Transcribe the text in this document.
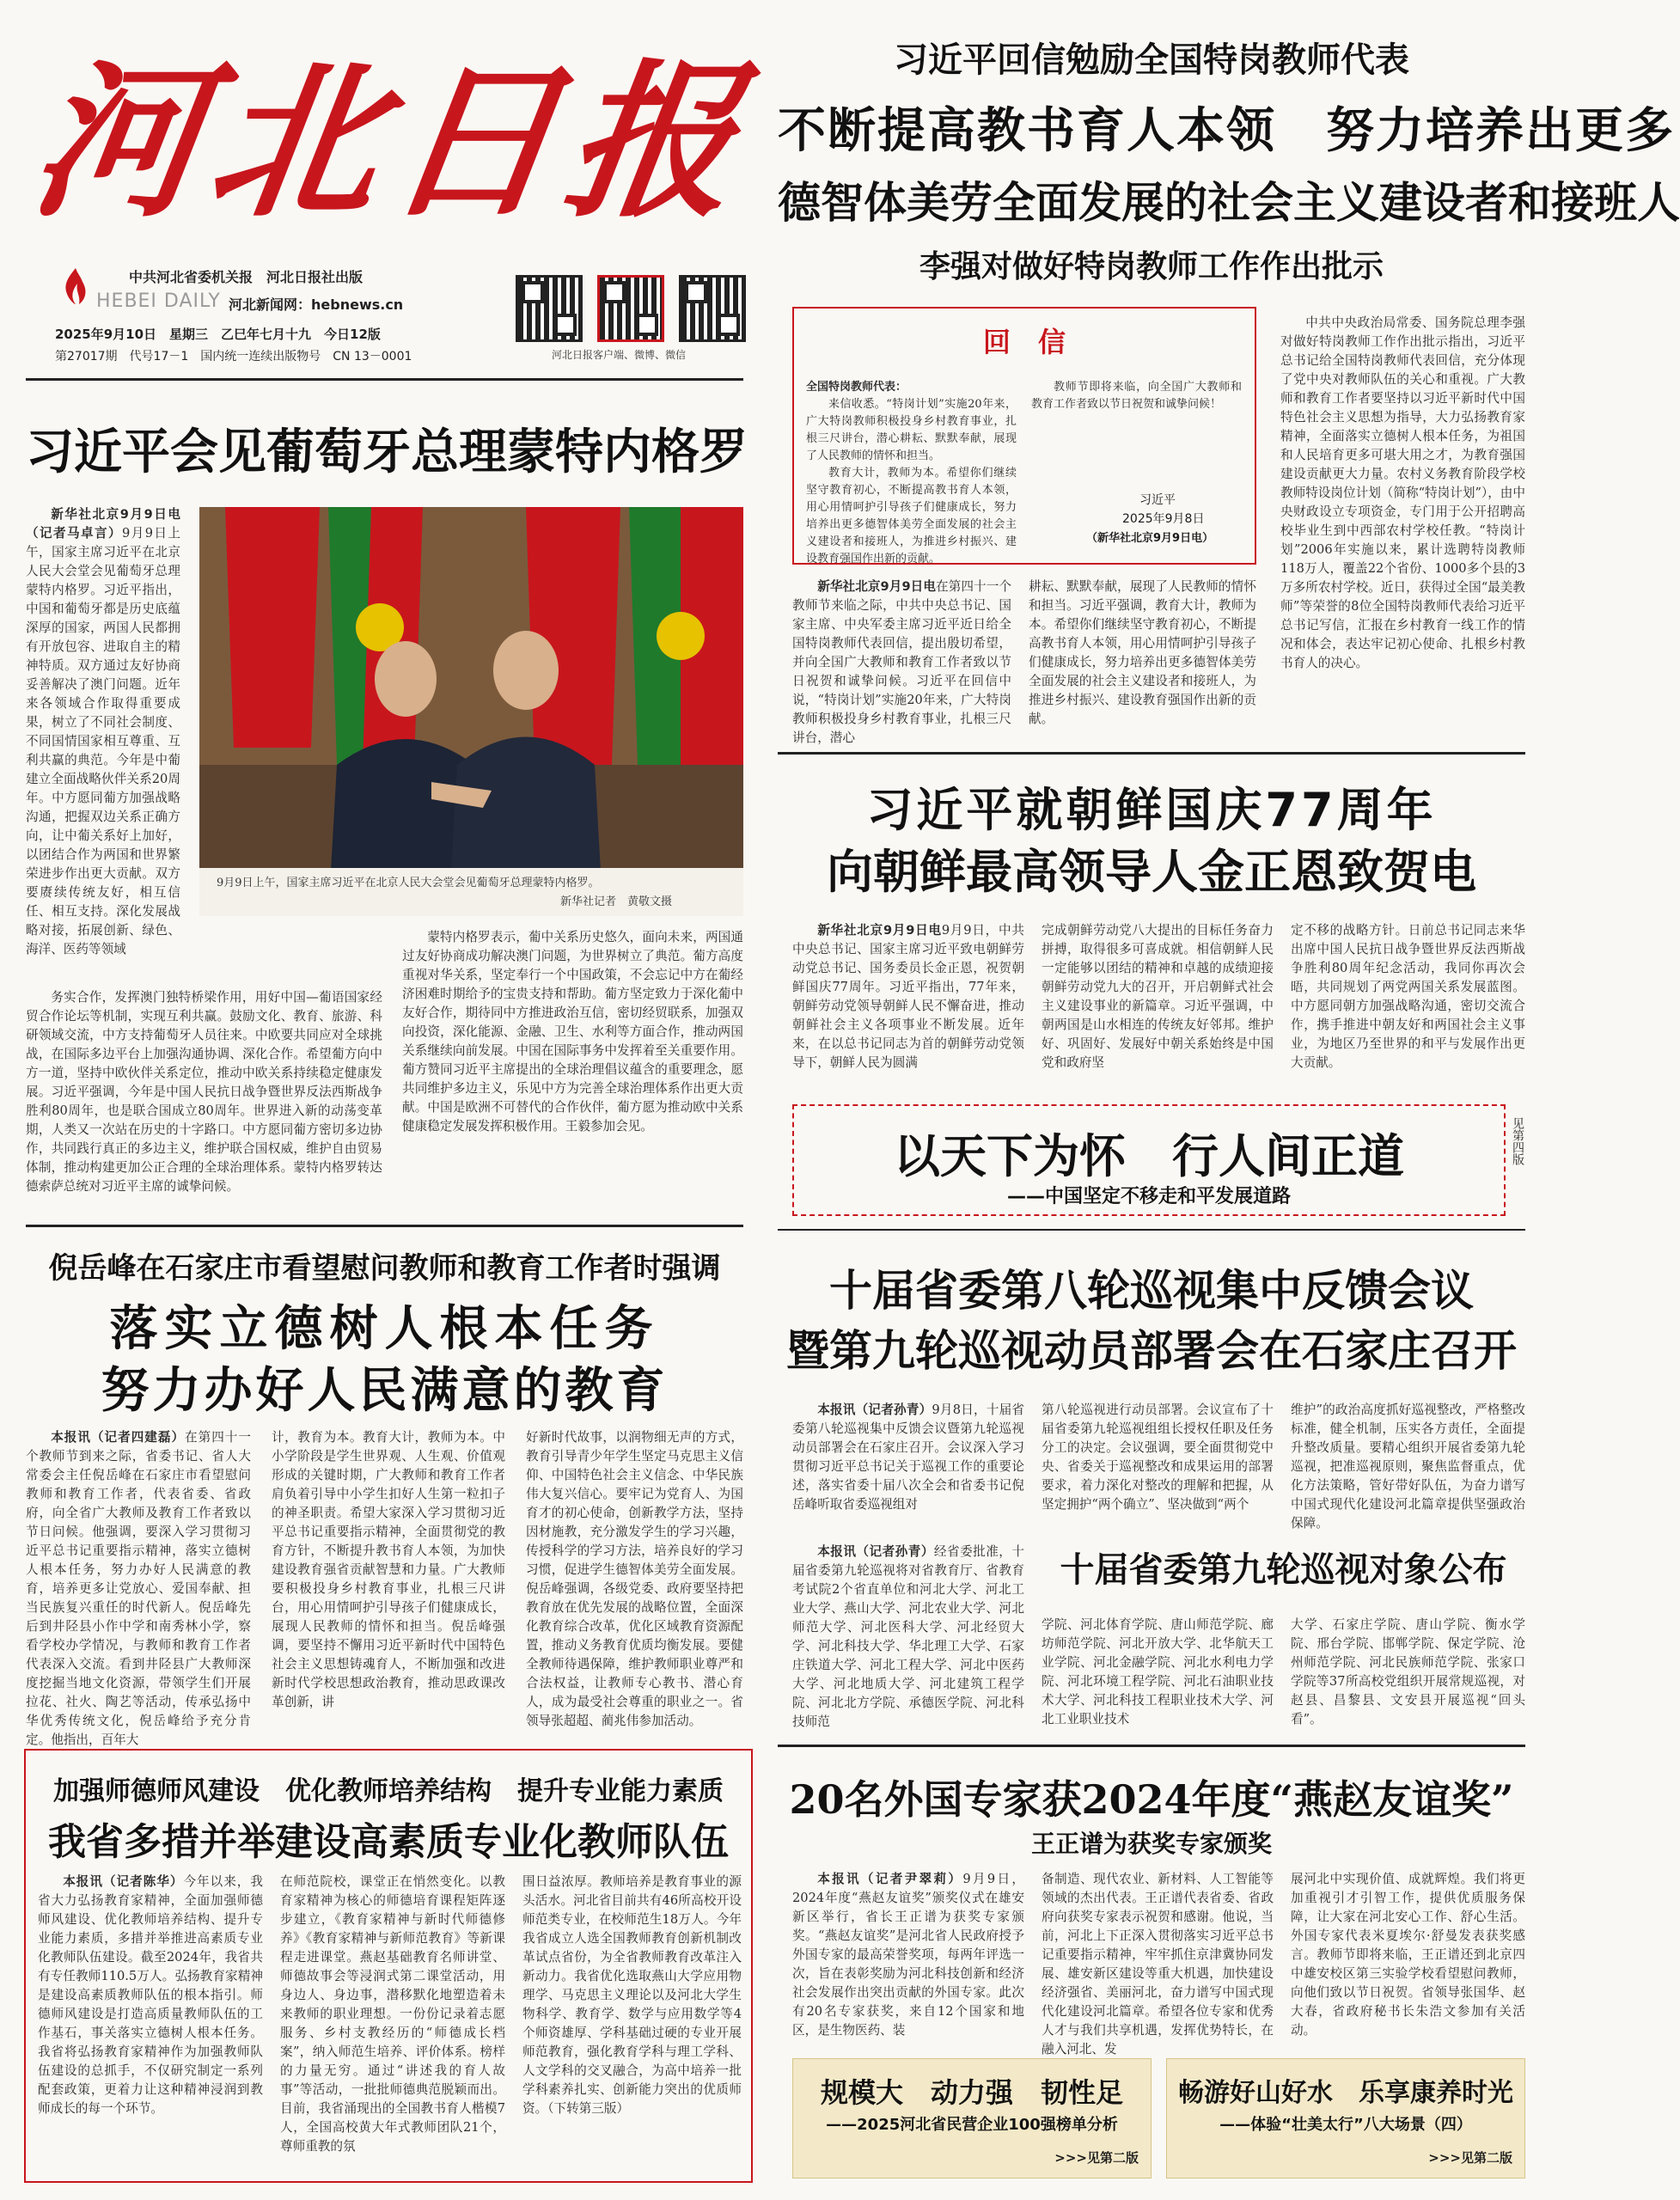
河北日报
中共河北省委机关报　河北日报社出版
HEBEI DAILY 河北新闻网：hebnews.cn
2025年9月10日　星期三　乙巳年七月十九　今日12版
第27017期　代号17－1　国内统一连续出版物号　CN 13－0001	河北日报客户端、微博、微信
习近平回信勉励全国特岗教师代表
不断提高教书育人本领　努力培养出更多
德智体美劳全面发展的社会主义建设者和接班人
李强对做好特岗教师工作作出批示
回　信

全国特岗教师代表：

来信收悉。“特岗计划”实施20年来，广大特岗教师积极投身乡村教育事业，扎根三尺讲台，潜心耕耘、默默奉献，展现了人民教师的情怀和担当。

教育大计，教师为本。希望你们继续坚守教育初心，不断提高教书育人本领，用心用情呵护引导孩子们健康成长，努力培养出更多德智体美劳全面发展的社会主义建设者和接班人，为推进乡村振兴、建设教育强国作出新的贡献。

教师节即将来临，向全国广大教师和教育工作者致以节日祝贺和诚挚问候！

习近平
2025年9月8日
（新华社北京9月9日电）

新华社北京9月9日电在第四十一个教师节来临之际，中共中央总书记、国家主席、中央军委主席习近平近日给全国特岗教师代表回信，提出殷切希望，并向全国广大教师和教育工作者致以节日祝贺和诚挚问候。习近平在回信中说，“特岗计划”实施20年来，广大特岗教师积极投身乡村教育事业，扎根三尺讲台，潜心

耕耘、默默奉献，展现了人民教师的情怀和担当。习近平强调，教育大计，教师为本。希望你们继续坚守教育初心，不断提高教书育人本领，用心用情呵护引导孩子们健康成长，努力培养出更多德智体美劳全面发展的社会主义建设者和接班人，为推进乡村振兴、建设教育强国作出新的贡献。

中共中央政治局常委、国务院总理李强对做好特岗教师工作作出批示指出，习近平总书记给全国特岗教师代表回信，充分体现了党中央对教师队伍的关心和重视。广大教师和教育工作者要坚持以习近平新时代中国特色社会主义思想为指导，大力弘扬教育家精神，全面落实立德树人根本任务，为祖国和人民培育更多可堪大用之才，为教育强国建设贡献更大力量。农村义务教育阶段学校教师特设岗位计划（简称“特岗计划”），由中央财政设立专项资金，专门用于公开招聘高校毕业生到中西部农村学校任教。“特岗计划”2006年实施以来，累计选聘特岗教师118万人，覆盖22个省份、1000多个县的3万多所农村学校。近日，获得过全国“最美教师”等荣誉的8位全国特岗教师代表给习近平总书记写信，汇报在乡村教育一线工作的情况和体会，表达牢记初心使命、扎根乡村教书育人的决心。

习近平会见葡萄牙总理蒙特内格罗

新华社北京9月9日电（记者马卓言）9月9日上午，国家主席习近平在北京人民大会堂会见葡萄牙总理蒙特内格罗。习近平指出，中国和葡萄牙都是历史底蕴深厚的国家，两国人民都拥有开放包容、进取自主的精神特质。双方通过友好协商妥善解决了澳门问题。近年来各领域合作取得重要成果，树立了不同社会制度、不同国情国家相互尊重、互利共赢的典范。今年是中葡建立全面战略伙伴关系20周年。中方愿同葡方加强战略沟通，把握双边关系正确方向，让中葡关系好上加好，以团结合作为两国和世界繁荣进步作出更大贡献。双方要赓续传统友好，相互信任、相互支持。深化发展战略对接，拓展创新、绿色、海洋、医药等领域

9月9日上午，国家主席习近平在北京人民大会堂会见葡萄牙总理蒙特内格罗。
新华社记者　黄敬文摄

务实合作，发挥澳门独特桥梁作用，用好中国—葡语国家经贸合作论坛等机制，实现互利共赢。鼓励文化、教育、旅游、科研领域交流，中方支持葡萄牙人员往来。中欧要共同应对全球挑战，在国际多边平台上加强沟通协调、深化合作。希望葡方向中方一道，坚持中欧伙伴关系定位，推动中欧关系持续稳定健康发展。习近平强调，今年是中国人民抗日战争暨世界反法西斯战争胜利80周年，也是联合国成立80周年。世界进入新的动荡变革期，人类又一次站在历史的十字路口。中方愿同葡方密切多边协作，共同践行真正的多边主义，维护联合国权威，维护自由贸易体制，推动构建更加公正合理的全球治理体系。蒙特内格罗转达德索萨总统对习近平主席的诚挚问候。

蒙特内格罗表示，葡中关系历史悠久，面向未来，两国通过友好协商成功解决澳门问题，为世界树立了典范。葡方高度重视对华关系，坚定奉行一个中国政策，不会忘记中方在葡经济困难时期给予的宝贵支持和帮助。葡方坚定致力于深化葡中友好合作，期待同中方推进政治互信，密切经贸联系，加强双向投资，深化能源、金融、卫生、水利等方面合作，推动两国关系继续向前发展。中国在国际事务中发挥着至关重要作用。葡方赞同习近平主席提出的全球治理倡议蕴含的重要理念，愿共同维护多边主义，乐见中方为完善全球治理体系作出更大贡献。中国是欧洲不可替代的合作伙伴，葡方愿为推动欧中关系健康稳定发展发挥积极作用。王毅参加会见。

习近平就朝鲜国庆77周年
向朝鲜最高领导人金正恩致贺电

新华社北京9月9日电9月9日，中共中央总书记、国家主席习近平致电朝鲜劳动党总书记、国务委员长金正恩，祝贺朝鲜国庆77周年。习近平指出，77年来，朝鲜劳动党领导朝鲜人民不懈奋进，推动朝鲜社会主义各项事业不断发展。近年来，在以总书记同志为首的朝鲜劳动党领导下，朝鲜人民为圆满

完成朝鲜劳动党八大提出的目标任务奋力拼搏，取得很多可喜成就。相信朝鲜人民一定能够以团结的精神和卓越的成绩迎接朝鲜劳动党九大的召开，开启朝鲜式社会主义建设事业的新篇章。习近平强调，中朝两国是山水相连的传统友好邻邦。维护好、巩固好、发展好中朝关系始终是中国党和政府坚

定不移的战略方针。日前总书记同志来华出席中国人民抗日战争暨世界反法西斯战争胜利80周年纪念活动，我同你再次会晤，共同规划了两党两国关系发展蓝图。中方愿同朝方加强战略沟通，密切交流合作，携手推进中朝友好和两国社会主义事业，为地区乃至世界的和平与发展作出更大贡献。

以天下为怀　行人间正道
——中国坚定不移走和平发展道路
见第四版
倪岳峰在石家庄市看望慰问教师和教育工作者时强调
落实立德树人根本任务
努力办好人民满意的教育

本报讯（记者四建磊）在第四十一个教师节到来之际，省委书记、省人大常委会主任倪岳峰在石家庄市看望慰问教师和教育工作者，代表省委、省政府，向全省广大教师及教育工作者致以节日问候。他强调，要深入学习贯彻习近平总书记重要指示精神，落实立德树人根本任务，努力办好人民满意的教育，培养更多让党放心、爱国奉献、担当民族复兴重任的时代新人。倪岳峰先后到井陉县小作中学和南秀林小学，察看学校办学情况，与教师和教育工作者代表深入交流。看到井陉县广大教师深度挖掘当地文化资源，带领学生们开展拉花、社火、陶艺等活动，传承弘扬中华优秀传统文化，倪岳峰给予充分肯定。他指出，百年大

计，教育为本。教育大计，教师为本。中小学阶段是学生世界观、人生观、价值观形成的关键时期，广大教师和教育工作者肩负着引导中小学生扣好人生第一粒扣子的神圣职责。希望大家深入学习贯彻习近平总书记重要指示精神，全面贯彻党的教育方针，不断提升教书育人本领，为加快建设教育强省贡献智慧和力量。广大教师要积极投身乡村教育事业，扎根三尺讲台，用心用情呵护引导孩子们健康成长，展现人民教师的情怀和担当。倪岳峰强调，要坚持不懈用习近平新时代中国特色社会主义思想铸魂育人，不断加强和改进新时代学校思想政治教育，推动思政课改革创新，讲

好新时代故事，以润物细无声的方式，教育引导青少年学生坚定马克思主义信仰、中国特色社会主义信念、中华民族伟大复兴信心。要牢记为党育人、为国育才的初心使命，创新教学方法，坚持因材施教，充分激发学生的学习兴趣，传授科学的学习方法，培养良好的学习习惯，促进学生德智体美劳全面发展。倪岳峰强调，各级党委、政府要坚持把教育放在优先发展的战略位置，全面深化教育综合改革，优化区域教育资源配置，推动义务教育优质均衡发展。要健全教师待遇保障，维护教师职业尊严和合法权益，让教师专心教书、潜心育人，成为最受社会尊重的职业之一。省领导张超超、蔺兆伟参加活动。

十届省委第八轮巡视集中反馈会议
暨第九轮巡视动员部署会在石家庄召开

本报讯（记者孙青）9月8日，十届省委第八轮巡视集中反馈会议暨第九轮巡视动员部署会在石家庄召开。会议深入学习贯彻习近平总书记关于巡视工作的重要论述，落实省委十届八次全会和省委书记倪岳峰听取省委巡视组对

第八轮巡视进行动员部署。会议宣布了十届省委第九轮巡视组组长授权任职及任务分工的决定。会议强调，要全面贯彻党中央、省委关于巡视整改和成果运用的部署要求，着力深化对整改的理解和把握，从坚定拥护“两个确立”、坚决做到“两个

维护”的政治高度抓好巡视整改，严格整改标准，健全机制，压实各方责任，全面提升整改质量。要精心组织开展省委第九轮巡视，把准巡视原则，聚焦监督重点，优化方法策略，管好带好队伍，为奋力谱写中国式现代化建设河北篇章提供坚强政治保障。

十届省委第九轮巡视对象公布

本报讯（记者孙青）经省委批准，十届省委第九轮巡视将对省教育厅、省教育考试院2个省直单位和河北大学、河北工业大学、燕山大学、河北农业大学、河北师范大学、河北医科大学、河北经贸大学、河北科技大学、华北理工大学、石家庄铁道大学、河北工程大学、河北中医药大学、河北地质大学、河北建筑工程学院、河北北方学院、承德医学院、河北科技师范

学院、河北体育学院、唐山师范学院、廊坊师范学院、河北开放大学、北华航天工业学院、河北金融学院、河北水利电力学院、河北环境工程学院、河北石油职业技术大学、河北科技工程职业技术大学、河北工业职业技术

大学、石家庄学院、唐山学院、衡水学院、邢台学院、邯郸学院、保定学院、沧州师范学院、河北民族师范学院、张家口学院等37所高校党组织开展常规巡视，对赵县、昌黎县、文安县开展巡视“回头看”。

加强师德师风建设　优化教师培养结构　提升专业能力素质
我省多措并举建设高素质专业化教师队伍

本报讯（记者陈华）今年以来，我省大力弘扬教育家精神，全面加强师德师风建设、优化教师培养结构、提升专业能力素质，多措并举推进高素质专业化教师队伍建设。截至2024年，我省共有专任教师110.5万人。弘扬教育家精神是建设高素质教师队伍的根本指引。师德师风建设是打造高质量教师队伍的工作基石，事关落实立德树人根本任务。我省将弘扬教育家精神作为加强教师队伍建设的总抓手，不仅研究制定一系列配套政策，更着力让这种精神浸润到教师成长的每一个环节。

在师范院校，课堂正在悄然变化。以教育家精神为核心的师德培育课程矩阵逐步建立，《教育家精神与新时代师德修养》《教育家精神与新师范教育》等新课程走进课堂。燕赵基础教育名师讲堂、师德故事会等浸润式第二课堂活动，用身边人、身边事，潜移默化地塑造着未来教师的职业理想。一份份记录着志愿服务、乡村支教经历的“师德成长档案”，纳入师范生培养、评价体系。榜样的力量无穷。通过“讲述我的育人故事”等活动，一批批师德典范脱颖而出。目前，我省涌现出的全国教书育人楷模7人，全国高校黄大年式教师团队21个，尊师重教的氛

围日益浓厚。教师培养是教育事业的源头活水。河北省目前共有46所高校开设师范类专业，在校师范生18万人。今年我省成立人选全国教师教育创新机制改革试点省份，为全省教师教育改革注入新动力。我省优化选取燕山大学应用物理学、马克思主义理论以及河北大学生物科学、教育学、数学与应用数学等4个师资雄厚、学科基础过硬的专业开展师范教育，强化教育学科与理工学科、人文学科的交叉融合，为高中培养一批学科素养扎实、创新能力突出的优质师资。（下转第三版）

20名外国专家获2024年度“燕赵友谊奖”
王正谱为获奖专家颁奖

本报讯（记者尹翠莉）9月9日，2024年度“燕赵友谊奖”颁奖仪式在雄安新区举行，省长王正谱为获奖专家颁奖。“燕赵友谊奖”是河北省人民政府授予外国专家的最高荣誉奖项，每两年评选一次，旨在表彰奖励为河北科技创新和经济社会发展作出突出贡献的外国专家。此次有20名专家获奖，来自12个国家和地区，是生物医药、装

备制造、现代农业、新材料、人工智能等领域的杰出代表。王正谱代表省委、省政府向获奖专家表示祝贺和感谢。他说，当前，河北上下正深入贯彻落实习近平总书记重要指示精神，牢牢抓住京津冀协同发展、雄安新区建设等重大机遇，加快建设经济强省、美丽河北，奋力谱写中国式现代化建设河北篇章。希望各位专家和优秀人才与我们共享机遇，发挥优势特长，在融入河北、发

展河北中实现价值、成就辉煌。我们将更加重视引才引智工作，提供优质服务保障，让大家在河北安心工作、舒心生活。外国专家代表米夏埃尔·舒曼发表获奖感言。教师节即将来临，王正谱还到北京四中雄安校区第三实验学校看望慰问教师，向他们致以节日祝贺。省领导张国华、赵大春，省政府秘书长朱浩文参加有关活动。

规模大　动力强　韧性足
——2025河北省民营企业100强榜单分析
>>>见第二版
畅游好山好水　乐享康养时光
——体验“壮美太行”八大场景（四）
>>>见第二版
